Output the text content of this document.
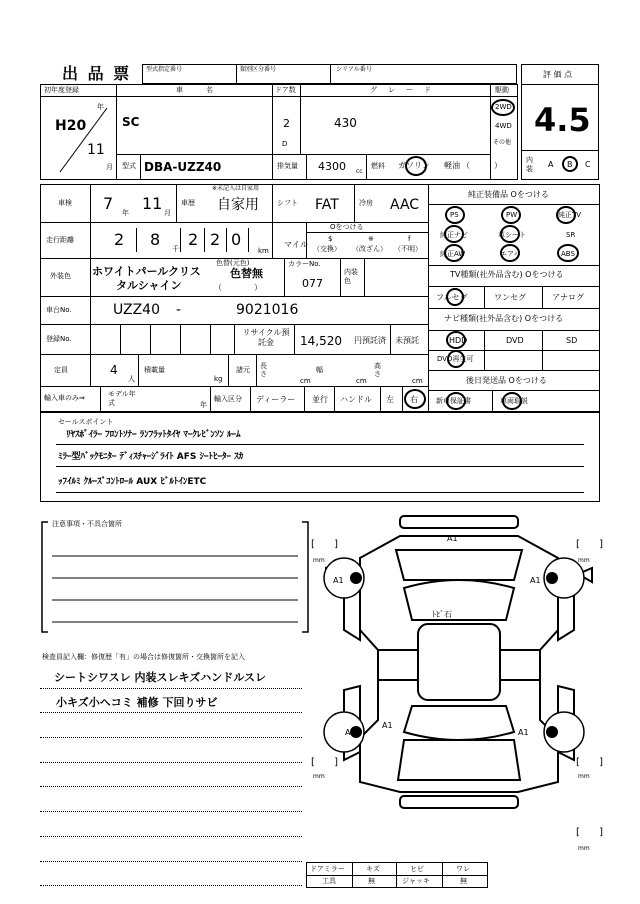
出 品 票 型式指定番号	類別区分番号	シリアル番号
評 価 点
4.5
内装	A B C
初年度登録	車　　名	ドア数	グ　レ　ー　ド	駆動
H20
年
11
月
SC	2
D
430
2WD
4WD
その他
型式 DBA-UZZ40	排気量 4300 cc
燃料 ガソリン 軽油 （　　　）
車検 7 年 11 月
車歴
※未記入は自家用
自家用	シフト FAT	冷房 AAC
走行距離	2 8 千 2 2 0
km
マイル
Oをつける
$
（交換）
※
（改ざん）
f
（不明）
外装色 ホワイトパールクリス
タルシャイン
色替(元色)
色替無
（　　　　）
カラーNo.
077
内装色
車台No.	UZZ40 -	9021016
登録No.
リサイクル預託金	14,520 円預託済 未預託
定員	4
人
積載量
kg
諸元 長さ
cm
幅
cm
高さ
cm
輸入車のみ⇒	モデル年式	年
輸入区分 ディーラー 並行 ハンドル 左 右
純正装備品 Oをつける
PS	PW	純正TV
純正ナビ	革シート	SR
純正AW	エアバ	ABS
TV種類(社外品含む) Oをつける
フルセグ	ワンセグ	アナログ
ナビ種類(社外品含む) Oをつける
HDD	DVD	SD
DVD再生可
後日発送品 Oをつける
新車保証書	車両取説
セールスポイント
ﾘﾔｽﾎﾟｲﾗｰ ﾌﾛﾝﾄｿﾅｰ ﾗﾝﾌﾗｯﾄﾀｲﾔ ﾏｰｸﾚﾋﾞﾝｿﾝ ﾙｰﾑ
ﾐﾗｰ型ﾊﾞｯｸﾓﾆﾀｰ ﾃﾞｨｽﾁｬｰｼﾞﾗｲﾄ AFS ｼｰﾄﾋｰﾀｰ ｽｶ
ｯﾌｲﾙﾐ ｸﾙｰｽﾞｺﾝﾄﾛｰﾙ AUX ﾋﾞﾙﾄｲﾝETC
注意事項・不具合箇所
検査員記入欄：修復歴「有」の場合は修復箇所・交換箇所を記入
シートシワスレ 内装スレキズハンドルスレ
小キズ小ヘコミ 補修 下回りサビ
A1
A1	A1
ﾄﾋﾞ石
A1
A1
A1
[ ]
mm
[ ]
mm
[ ]
mm
[ ]
mm
[ ]
mm
ドアミラー	キズ	ヒビ	ワレ
工具	無	ジャッキ	無
